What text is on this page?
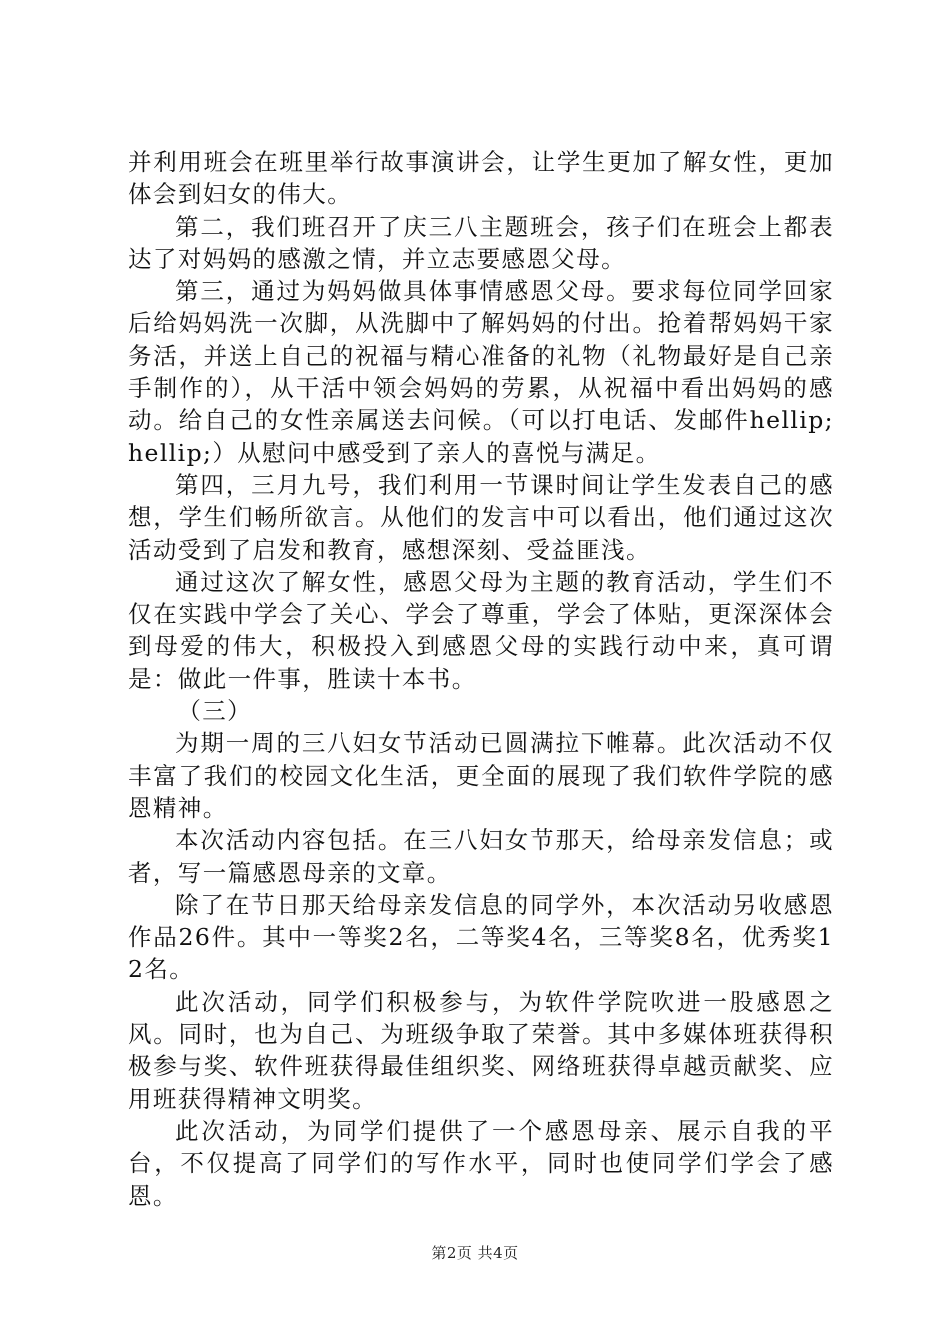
并利用班会在班里举行故事演讲会，让学生更加了解女性，更加体会到妇女的伟大。

第二，我们班召开了庆三八主题班会，孩子们在班会上都表达了对妈妈的感激之情，并立志要感恩父母。

第三，通过为妈妈做具体事情感恩父母。要求每位同学回家后给妈妈洗一次脚，从洗脚中了解妈妈的付出。抢着帮妈妈干家务活，并送上自己的祝福与精心准备的礼物（礼物最好是自己亲手制作的），从干活中领会妈妈的劳累，从祝福中看出妈妈的感动。给自己的女性亲属送去问候。（可以打电话、发邮件hellip;hellip;）从慰问中感受到了亲人的喜悦与满足。

第四，三月九号，我们利用一节课时间让学生发表自己的感想，学生们畅所欲言。从他们的发言中可以看出，他们通过这次活动受到了启发和教育，感想深刻、受益匪浅。

通过这次了解女性，感恩父母为主题的教育活动，学生们不仅在实践中学会了关心、学会了尊重，学会了体贴，更深深体会到母爱的伟大，积极投入到感恩父母的实践行动中来，真可谓是：做此一件事，胜读十本书。

（三）

为期一周的三八妇女节活动已圆满拉下帷幕。此次活动不仅丰富了我们的校园文化生活，更全面的展现了我们软件学院的感恩精神。

本次活动内容包括。在三八妇女节那天，给母亲发信息；或者，写一篇感恩母亲的文章。

除了在节日那天给母亲发信息的同学外，本次活动另收感恩作品26件。其中一等奖2名，二等奖4名，三等奖8名，优秀奖12名。

此次活动，同学们积极参与，为软件学院吹进一股感恩之风。同时，也为自己、为班级争取了荣誉。其中多媒体班获得积极参与奖、软件班获得最佳组织奖、网络班获得卓越贡献奖、应用班获得精神文明奖。

此次活动，为同学们提供了一个感恩母亲、展示自我的平台，不仅提高了同学们的写作水平，同时也使同学们学会了感恩。

第2页 共4页
